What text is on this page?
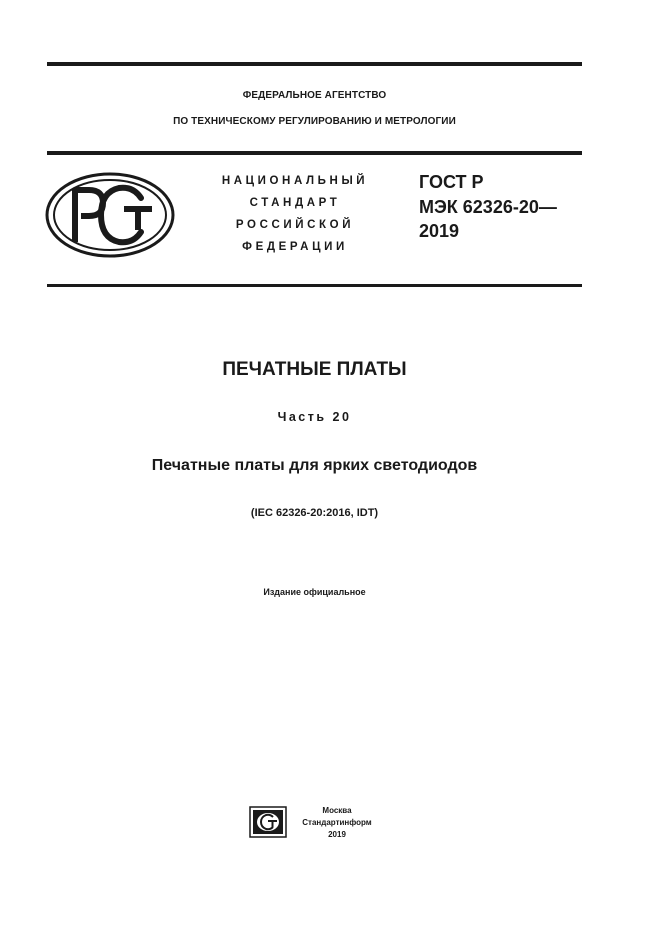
ФЕДЕРАЛЬНОЕ АГЕНТСТВО
ПО ТЕХНИЧЕСКОМУ РЕГУЛИРОВАНИЮ И МЕТРОЛОГИИ
НАЦИОНАЛЬНЫЙ
СТАНДАРТ
РОССИЙСКОЙ
ФЕДЕРАЦИИ
ГОСТ Р
МЭК 62326-20—
2019
ПЕЧАТНЫЕ ПЛАТЫ
Часть 20
Печатные платы для ярких светодиодов
(IEC 62326-20:2016, IDT)
Издание официальное
Москва
Стандартинформ
2019
